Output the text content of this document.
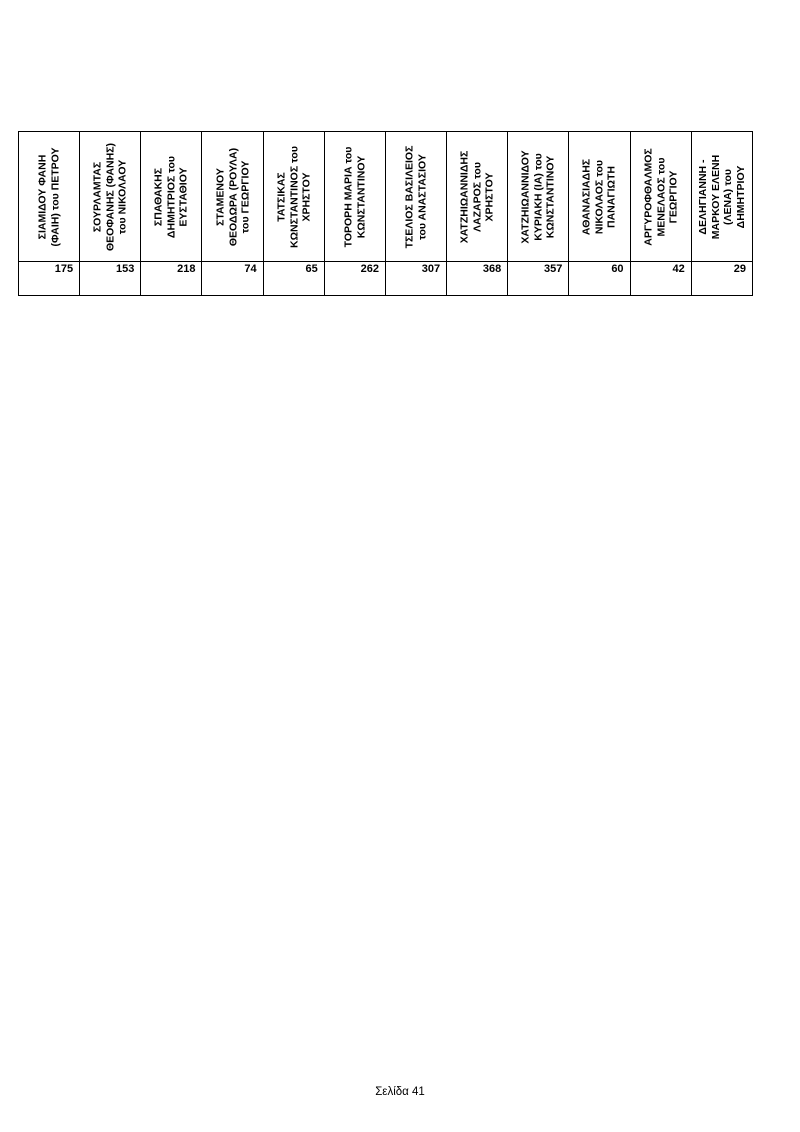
ΣΙΑΜΙΔΟΥ ΦΑΝΗ
(ΦΑΙΗ) του ΠΕΤΡΟΥ	ΣΟΥΡΛΑΜΤΑΣ
ΘΕΟΦΑΝΗΣ (ΦΑΝΗΣ)
του ΝΙΚΟΛΑΟΥ	ΣΠΑΘΑΚΗΣ
ΔΗΜΗΤΡΙΟΣ του
ΕΥΣΤΑΘΙΟΥ	ΣΤΑΜΕΝΟΥ
ΘΕΟΔΩΡΑ (ΡΟΥΛΑ)
του ΓΕΩΡΓΙΟΥ	ΤΑΤΣΙΚΑΣ
ΚΩΝΣΤΑΝΤΙΝΟΣ του
ΧΡΗΣΤΟΥ	ΤΟΡΟΡΗ ΜΑΡΙΑ του
ΚΩΝΣΤΑΝΤΙΝΟΥ	ΤΣΕΛΙΟΣ ΒΑΣΙΛΕΙΟΣ
του ΑΝΑΣΤΑΣΙΟΥ	ΧΑΤΖΗΙΩΑΝΝΙΔΗΣ
ΛΑΖΑΡΟΣ του
ΧΡΗΣΤΟΥ	ΧΑΤΖΗΙΩΑΝΝΙΔΟΥ
ΚΥΡΙΑΚΗ (ΙΑ) του
ΚΩΝΣΤΑΝΤΙΝΟΥ	ΑΘΑΝΑΣΙΑΔΗΣ
ΝΙΚΟΛΑΟΣ του
ΠΑΝΑΓΙΩΤΗ	ΑΡΓΥΡΟΦΘΑΛΜΟΣ
ΜΕΝΕΛΑΟΣ του
ΓΕΩΡΓΙΟΥ	ΔΕΛΗΓΙΑΝΝΗ -
ΜΑΡΚΟΥ ΕΛΕΝΗ
(ΛΕΝΑ) του
ΔΗΜΗΤΡΙΟΥ

175	153	218	74	65	262	307	368	357	60	42	29
Σελίδα 41
